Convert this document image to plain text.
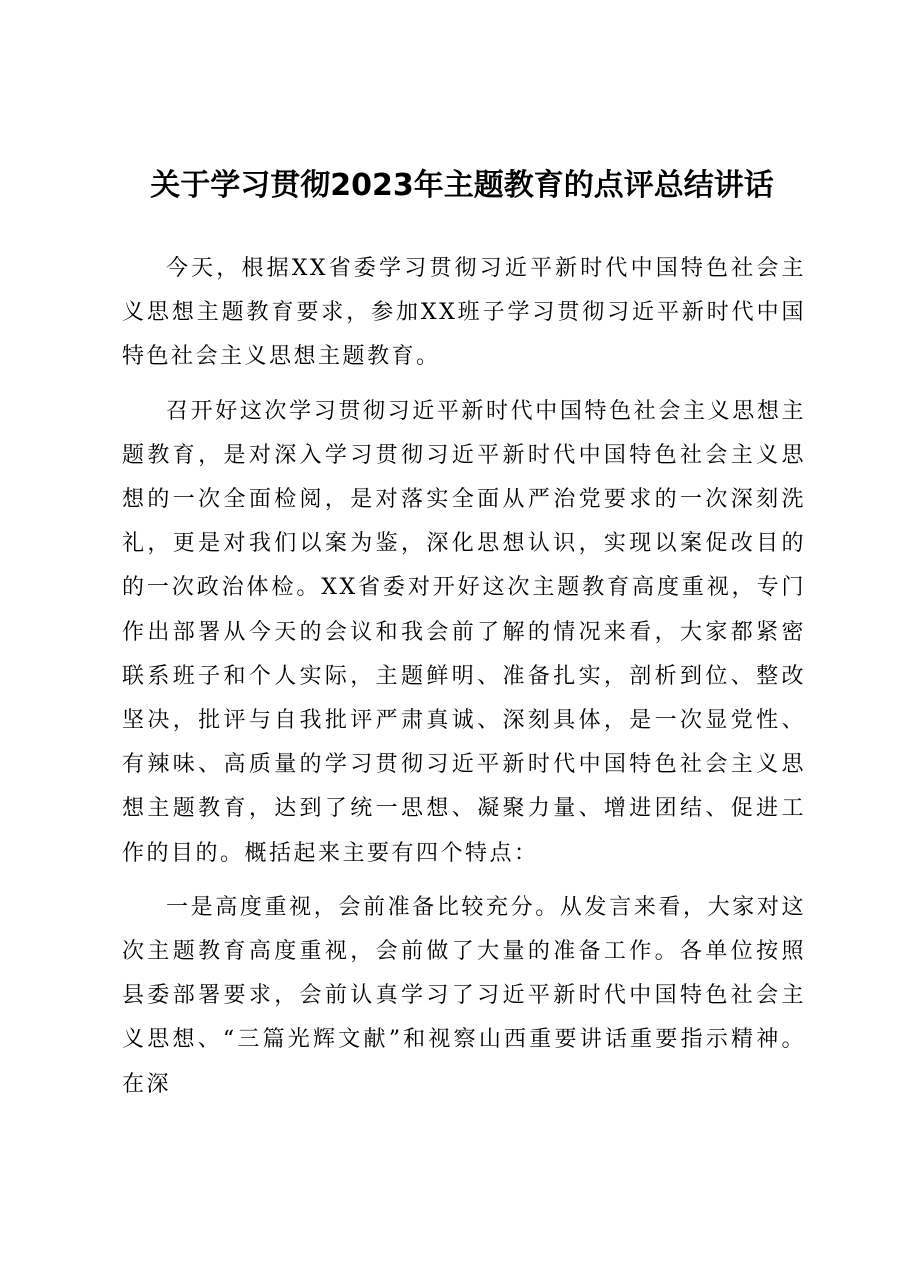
关于学习贯彻2023年主题教育的点评总结讲话

今天，根据XX省委学习贯彻习近平新时代中国特色社会主义思想主题教育要求，参加XX班子学习贯彻习近平新时代中国特色社会主义思想主题教育。

召开好这次学习贯彻习近平新时代中国特色社会主义思想主题教育，是对深入学习贯彻习近平新时代中国特色社会主义思想的一次全面检阅，是对落实全面从严治党要求的一次深刻洗礼，更是对我们以案为鉴，深化思想认识，实现以案促改目的的一次政治体检。XX省委对开好这次主题教育高度重视，专门作出部署从今天的会议和我会前了解的情况来看，大家都紧密联系班子和个人实际，主题鲜明、准备扎实，剖析到位、整改坚决，批评与自我批评严肃真诚、深刻具体，是一次显党性、有辣味、高质量的学习贯彻习近平新时代中国特色社会主义思想主题教育，达到了统一思想、凝聚力量、增进团结、促进工作的目的。概括起来主要有四个特点：

一是高度重视，会前准备比较充分。从发言来看，大家对这次主题教育高度重视，会前做了大量的准备工作。各单位按照县委部署要求，会前认真学习了习近平新时代中国特色社会主义思想、“三篇光辉文献”和视察山西重要讲话重要指示精神。在深
